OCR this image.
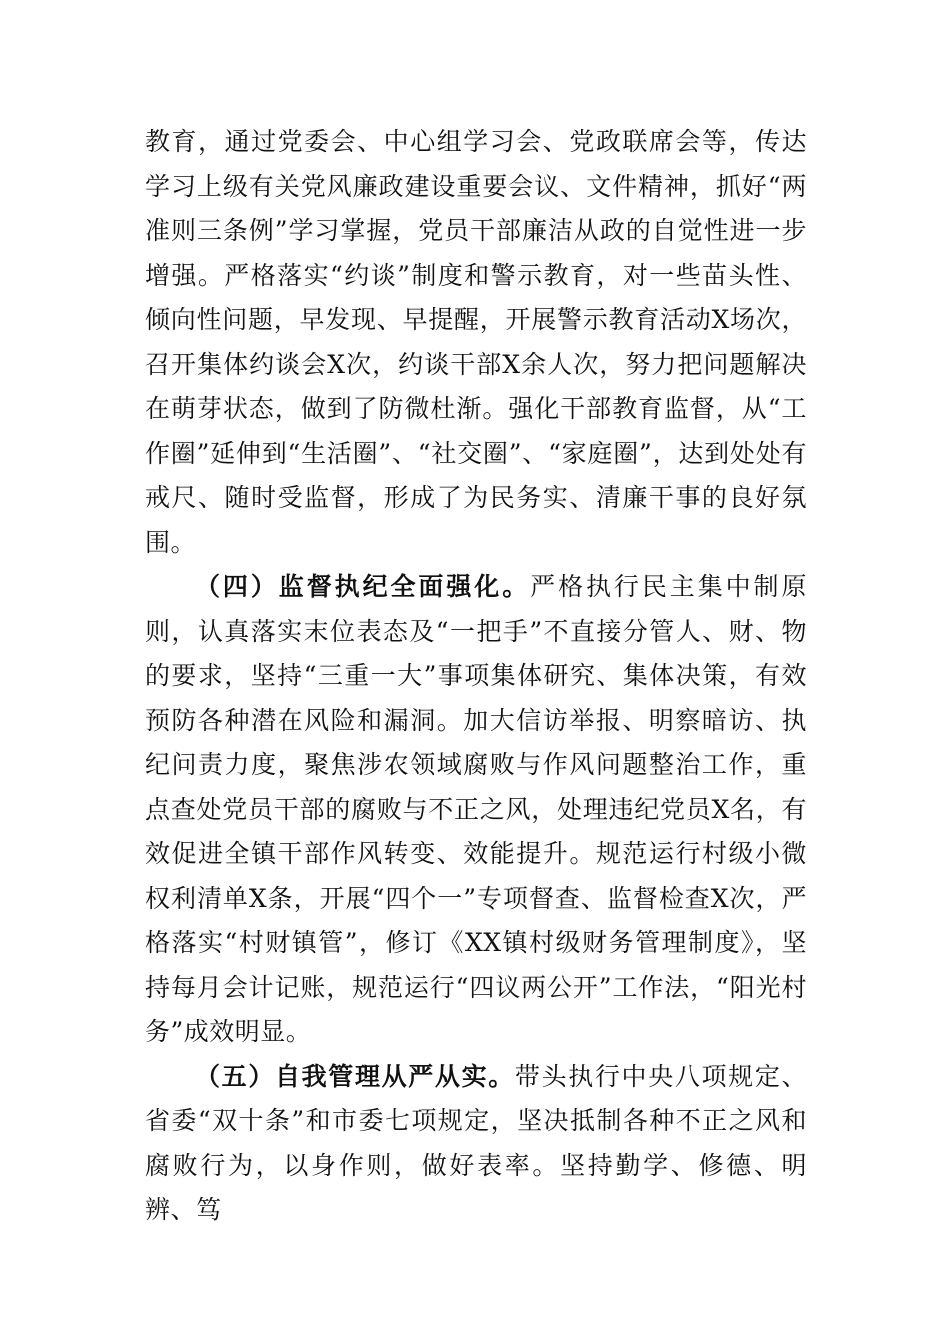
教育，通过党委会、中心组学习会、党政联席会等，传达学习上级有关党风廉政建设重要会议、文件精神，抓好“两准则三条例”学习掌握，党员干部廉洁从政的自觉性进一步增强。严格落实“约谈”制度和警示教育，对一些苗头性、倾向性问题，早发现、早提醒，开展警示教育活动X场次，召开集体约谈会X次，约谈干部X余人次，努力把问题解决在萌芽状态，做到了防微杜渐。强化干部教育监督，从“工作圈”延伸到“生活圈”、“社交圈”、“家庭圈”，达到处处有戒尺、随时受监督，形成了为民务实、清廉干事的良好氛围。

（四）监督执纪全面强化。严格执行民主集中制原则，认真落实末位表态及“一把手”不直接分管人、财、物的要求，坚持“三重一大”事项集体研究、集体决策，有效预防各种潜在风险和漏洞。加大信访举报、明察暗访、执纪问责力度，聚焦涉农领域腐败与作风问题整治工作，重点查处党员干部的腐败与不正之风，处理违纪党员X名，有效促进全镇干部作风转变、效能提升。规范运行村级小微权利清单X条，开展“四个一”专项督查、监督检查X次，严格落实“村财镇管”，修订《XX镇村级财务管理制度》，坚持每月会计记账，规范运行“四议两公开”工作法，“阳光村务”成效明显。

（五）自我管理从严从实。带头执行中央八项规定、省委“双十条”和市委七项规定，坚决抵制各种不正之风和腐败行为，以身作则，做好表率。坚持勤学、修德、明辨、笃
